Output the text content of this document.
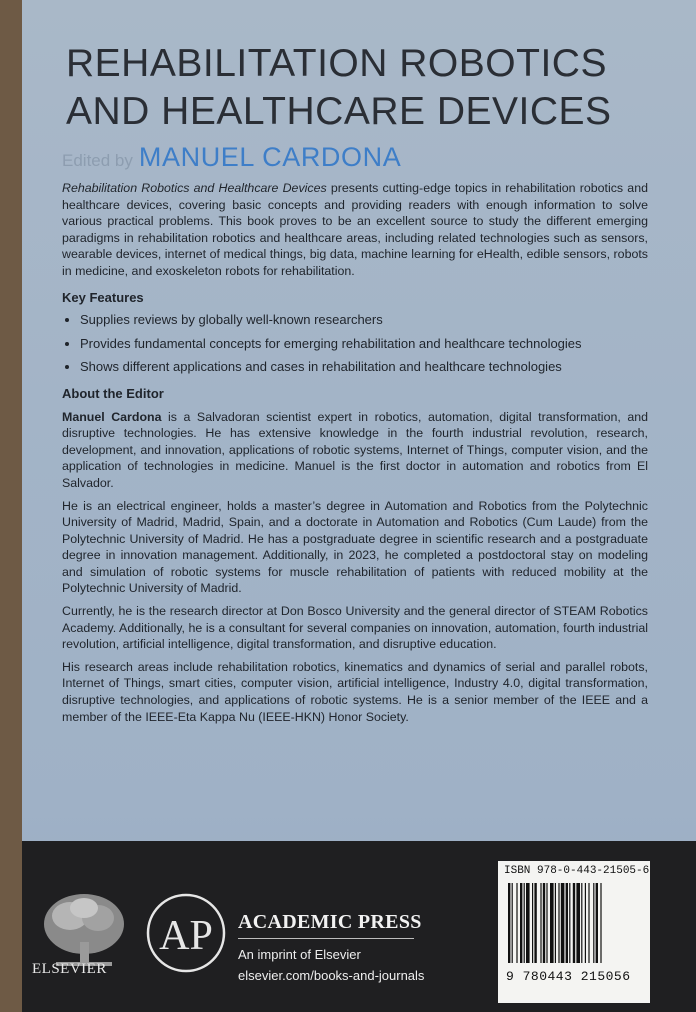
REHABILITATION ROBOTICS
AND HEALTHCARE DEVICES
Edited by MANUEL CARDONA

Rehabilitation Robotics and Healthcare Devices presents cutting-edge topics in rehabilitation robotics and healthcare devices, covering basic concepts and providing readers with enough information to solve various practical problems. This book proves to be an excellent source to study the different emerging paradigms in rehabilitation robotics and healthcare areas, including related technologies such as sensors, wearable devices, internet of medical things, big data, machine learning for eHealth, edible sensors, robots in medicine, and exoskeleton robots for rehabilitation.

Key Features
• Supplies reviews by globally well-known researchers
• Provides fundamental concepts for emerging rehabilitation and healthcare technologies
• Shows different applications and cases in rehabilitation and healthcare technologies
About the Editor

Manuel Cardona is a Salvadoran scientist expert in robotics, automation, digital transformation, and disruptive technologies. He has extensive knowledge in the fourth industrial revolution, research, development, and innovation, applications of robotic systems, Internet of Things, computer vision, and the application of technologies in medicine. Manuel is the first doctor in automation and robotics from El Salvador.

He is an electrical engineer, holds a master’s degree in Automation and Robotics from the Polytechnic University of Madrid, Madrid, Spain, and a doctorate in Automation and Robotics (Cum Laude) from the Polytechnic University of Madrid. He has a postgraduate degree in scientific research and a postgraduate degree in innovation management. Additionally, in 2023, he completed a postdoctoral stay on modeling and simulation of robotic systems for muscle rehabilitation of patients with reduced mobility at the Polytechnic University of Madrid.

Currently, he is the research director at Don Bosco University and the general director of STEAM Robotics Academy. Additionally, he is a consultant for several companies on innovation, automation, fourth industrial revolution, artificial intelligence, digital transformation, and disruptive education.

His research areas include rehabilitation robotics, kinematics and dynamics of serial and parallel robots, Internet of Things, smart cities, computer vision, artificial intelligence, Industry 4.0, digital transformation, disruptive technologies, and applications of robotic systems. He is a senior member of the IEEE and a member of the IEEE-Eta Kappa Nu (IEEE-HKN) Honor Society.

ELSEVIER
AP ACADEMIC PRESS
An imprint of Elsevier
elsevier.com/books-and-journals
ISBN 978-0-443-21505-6
9 780443 215056
